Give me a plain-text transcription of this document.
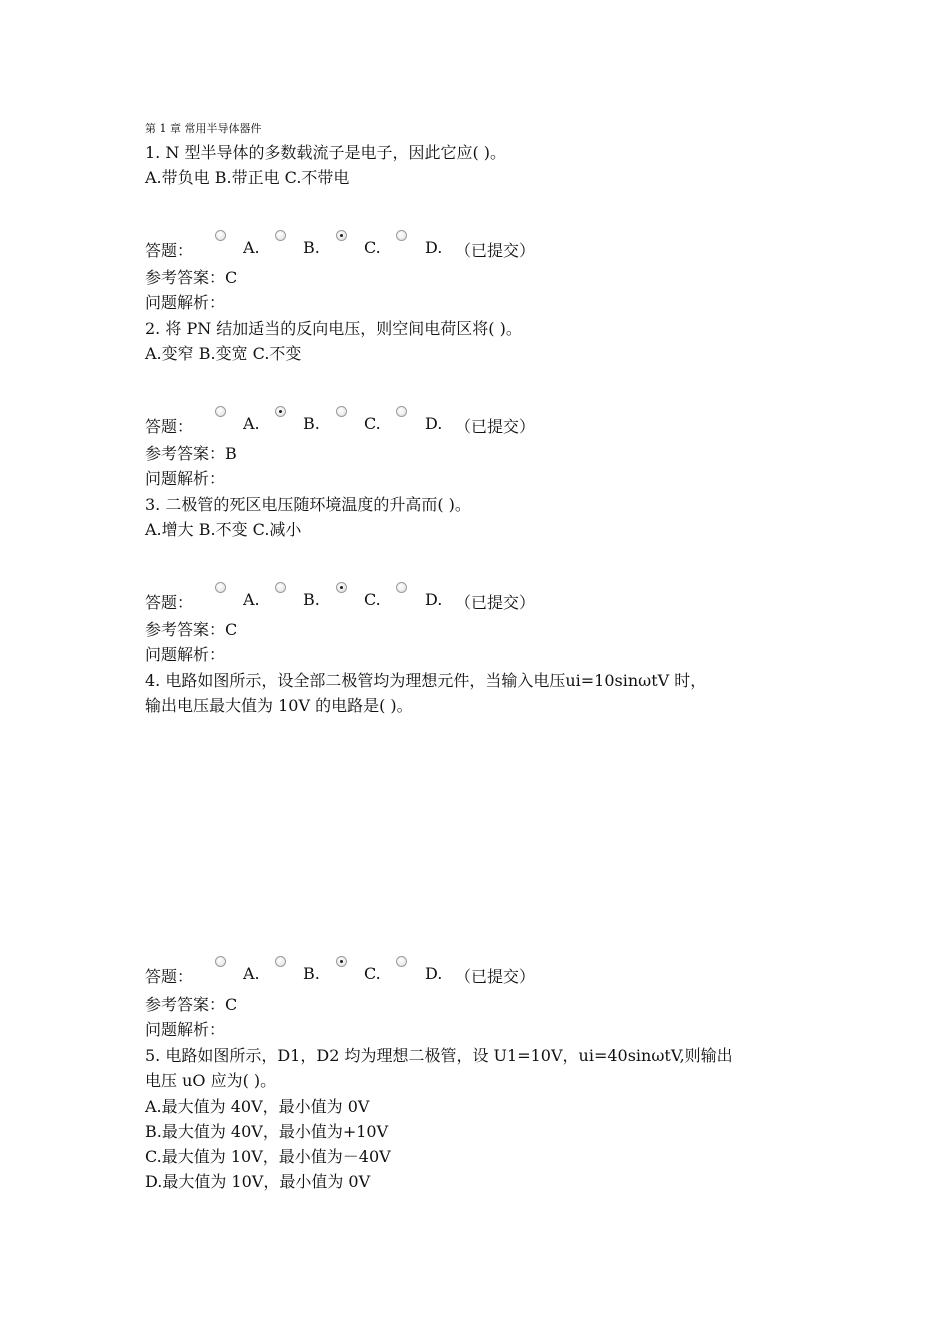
第 1 章 常用半导体器件
1. N 型半导体的多数载流子是电子，因此它应( )。
A.带负电 B.带正电 C.不带电
答题：	A.	B.	C.	D. （已提交）
参考答案：C
问题解析：
2. 将 PN 结加适当的反向电压，则空间电荷区将( )。
A.变窄 B.变宽 C.不变
答题：	A.	B.	C.	D. （已提交）
参考答案：B
问题解析：
3. 二极管的死区电压随环境温度的升高而( )。
A.增大 B.不变 C.减小
答题：	A.	B.	C.	D. （已提交）
参考答案：C
问题解析：
4. 电路如图所示，设全部二极管均为理想元件，当输入电压ui=10sinωtV 时，
输出电压最大值为 10V 的电路是( )。
答题：	A.	B.	C.	D. （已提交）
参考答案：C
问题解析：
5. 电路如图所示，D1，D2 均为理想二极管，设 U1=10V，ui=40sinωtV,则输出
电压 uO 应为( )。
A.最大值为 40V，最小值为 0V
B.最大值为 40V，最小值为+10V
C.最大值为 10V，最小值为－40V
D.最大值为 10V，最小值为 0V
